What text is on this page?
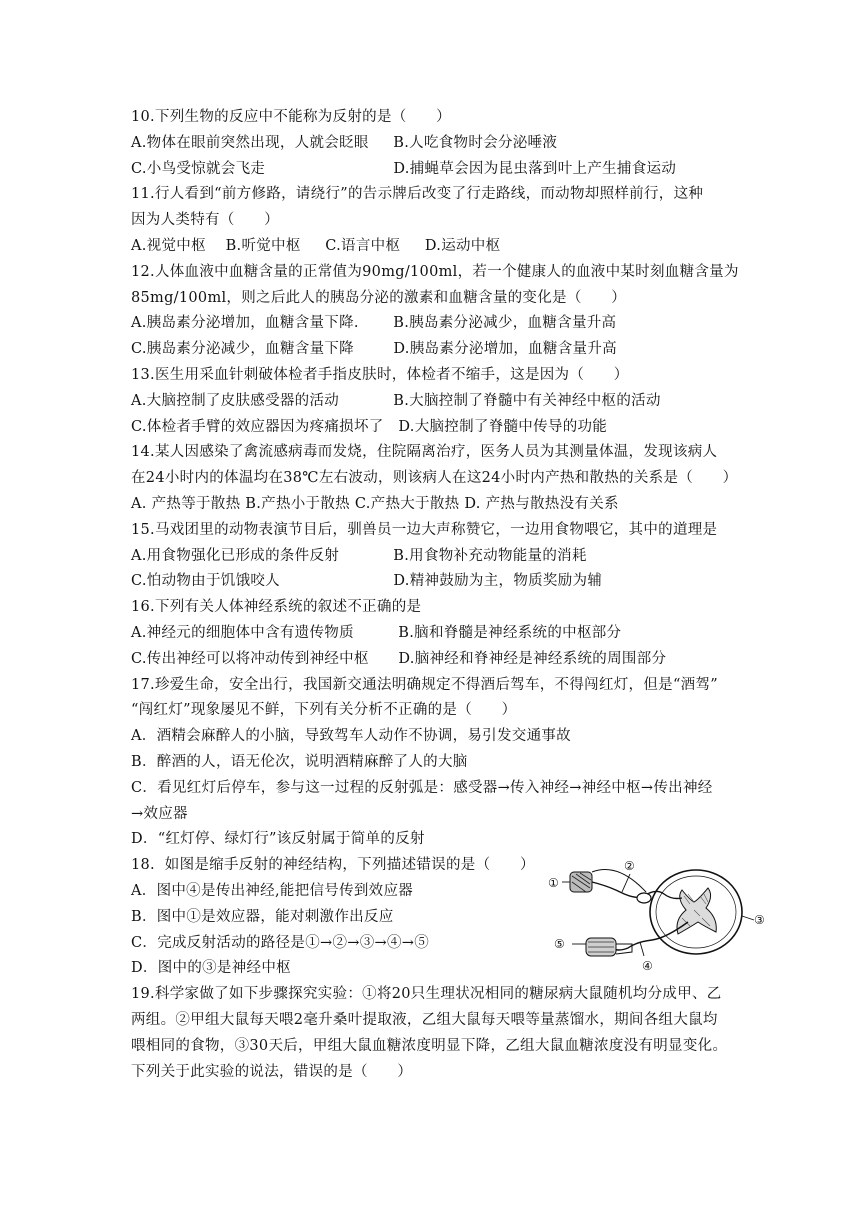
10.下列生物的反应中不能称为反射的是（　　）
A.物体在眼前突然出现，人就会眨眼　  B.人吃食物时会分泌唾液
C.小鸟受惊就会飞走　　　　　　　　  D.捕蝇草会因为昆虫落到叶上产生捕食运动
11.行人看到“前方修路，请绕行”的告示牌后改变了行走路线，而动物却照样前行，这种
因为人类特有（　　）
A.视觉中枢　 B.听觉中枢　  C.语言中枢　  D.运动中枢
12.人体血液中血糖含量的正常值为90mg/100ml，若一个健康人的血液中某时刻血糖含量为
85mg/100ml，则之后此人的胰岛分泌的激素和血糖含量的变化是（　　）
A.胰岛素分泌增加，血糖含量下降.　　 B.胰岛素分泌减少，血糖含量升高
C.胰岛素分泌减少，血糖含量下降　　  D.胰岛素分泌增加，血糖含量升高
13.医生用采血针刺破体检者手指皮肤时，体检者不缩手，这是因为（　　）
A.大脑控制了皮肤感受器的活动　　　  B.大脑控制了脊髓中有关神经中枢的活动
C.体检者手臂的效应器因为疼痛损坏了　D.大脑控制了脊髓中传导的功能
14.某人因感染了禽流感病毒而发烧，住院隔离治疗，医务人员为其测量体温，发现该病人
在24小时内的体温均在38℃左右波动，则该病人在这24小时内产热和散热的关系是（　　）
A. 产热等于散热 B.产热小于散热 C.产热大于散热 D. 产热与散热没有关系
15.马戏团里的动物表演节目后，驯兽员一边大声称赞它，一边用食物喂它，其中的道理是
A.用食物强化已形成的条件反射　　　  B.用食物补充动物能量的消耗
C.怕动物由于饥饿咬人　　　　　　　  D.精神鼓励为主，物质奖励为辅
16.下列有关人体神经系统的叙述不正确的是
A.神经元的细胞体中含有遗传物质　　　B.脑和脊髓是神经系统的中枢部分
C.传出神经可以将冲动传到神经中枢　　D.脑神经和脊神经是神经系统的周围部分
17.珍爱生命，安全出行，我国新交通法明确规定不得酒后驾车，不得闯红灯，但是“酒驾”
“闯红灯”现象屡见不鲜，下列有关分析不正确的是（　　）
A．酒精会麻醉人的小脑，导致驾车人动作不协调，易引发交通事故
B．醉酒的人，语无伦次，说明酒精麻醉了人的大脑
C．看见红灯后停车，参与这一过程的反射弧是：感受器→传入神经→神经中枢→传出神经
→效应器
D．“红灯停、绿灯行”该反射属于简单的反射
18.  如图是缩手反射的神经结构，下列描述错误的是（　　）
A．图中④是传出神经,能把信号传到效应器
B．图中①是效应器，能对刺激作出反应
C．完成反射活动的路径是①→②→③→④→⑤
D．图中的③是神经中枢
19.科学家做了如下步骤探究实验：①将20只生理状况相同的糖尿病大鼠随机均分成甲、乙
两组。②甲组大鼠每天喂2毫升桑叶提取液，乙组大鼠每天喂等量蒸馏水，期间各组大鼠均
喂相同的食物，③30天后，甲组大鼠血糖浓度明显下降，乙组大鼠血糖浓度没有明显变化。
下列关于此实验的说法，错误的是（　　）
①
②
③
④
⑤
